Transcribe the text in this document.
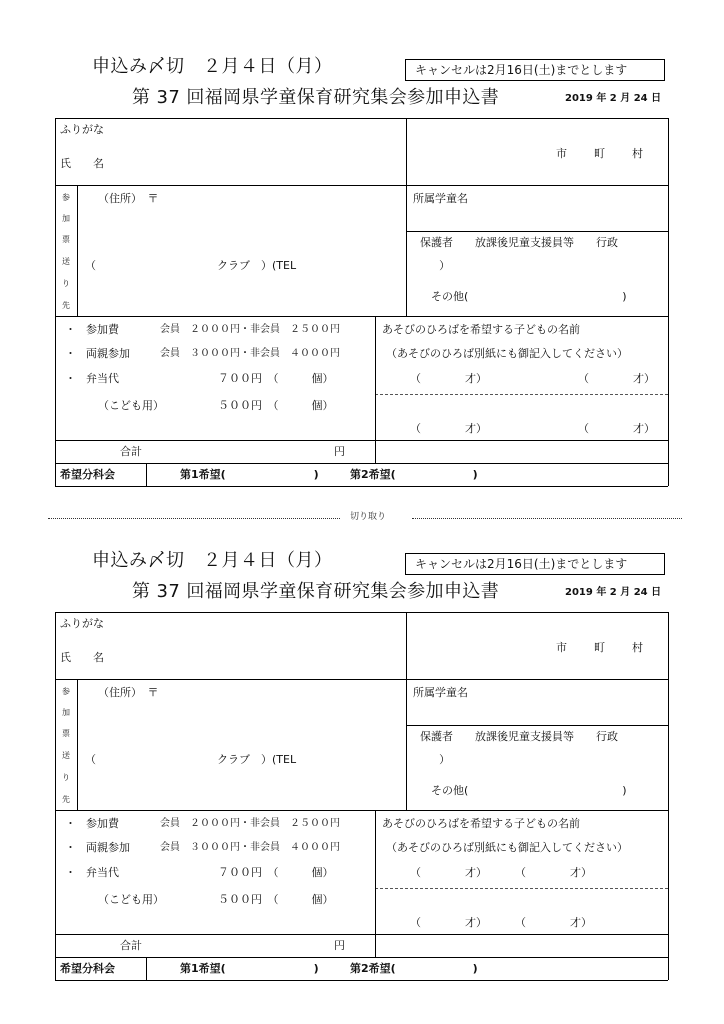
申込み〆切　２月４日（月）	キャンセルは2月16日(土)までとします
第 37 回福岡県学童保育研究集会参加申込書	2019 年 2 月 24 日
ふりがな
氏　　名
市 町 村
参
加
票
送
り
先
（住所）　〒
（　　　　　　　　　　　クラブ　）(TEL　　　　　　　　　　　　　）
所属学童名
保護者　　放課後児童支援員等　　行政
その他(　　　　　　　　　　　　　　)
・ 参加費	会員　２０００円・非会員　２５００円
・ 両親参加	会員　３０００円・非会員　４０００円
・ 弁当代	７００円　（　　　個）
（こども用）	５００円　（　　　個）
あそびのひろばを希望する子どもの名前
（あそびのひろば別紙にも御記入してください）
（　　　　才）	（　　　　才）
（　　　　才）	（　　　　才）
合計	円
希望分科会	第1希望(　　　　　　　　)	第2希望(　　　　　　　)
切り取り
申込み〆切　２月４日（月）	キャンセルは2月16日(土)までとします
第 37 回福岡県学童保育研究集会参加申込書	2019 年 2 月 24 日
ふりがな
氏　　名
市 町 村
参
加
票
送
り
先
（住所）　〒
（　　　　　　　　　　　クラブ　）(TEL　　　　　　　　　　　　　）
所属学童名
保護者　　放課後児童支援員等　　行政
その他(　　　　　　　　　　　　　　)
・ 参加費	会員　２０００円・非会員　２５００円
・ 両親参加	会員　３０００円・非会員　４０００円
・ 弁当代	７００円　（　　　個）
（こども用）	５００円　（　　　個）
あそびのひろばを希望する子どもの名前
（あそびのひろば別紙にも御記入してください）
（　　　　才）	（　　　　才）
（　　　　才）	（　　　　才）
合計	円
希望分科会	第1希望(　　　　　　　　)	第2希望(　　　　　　　)
